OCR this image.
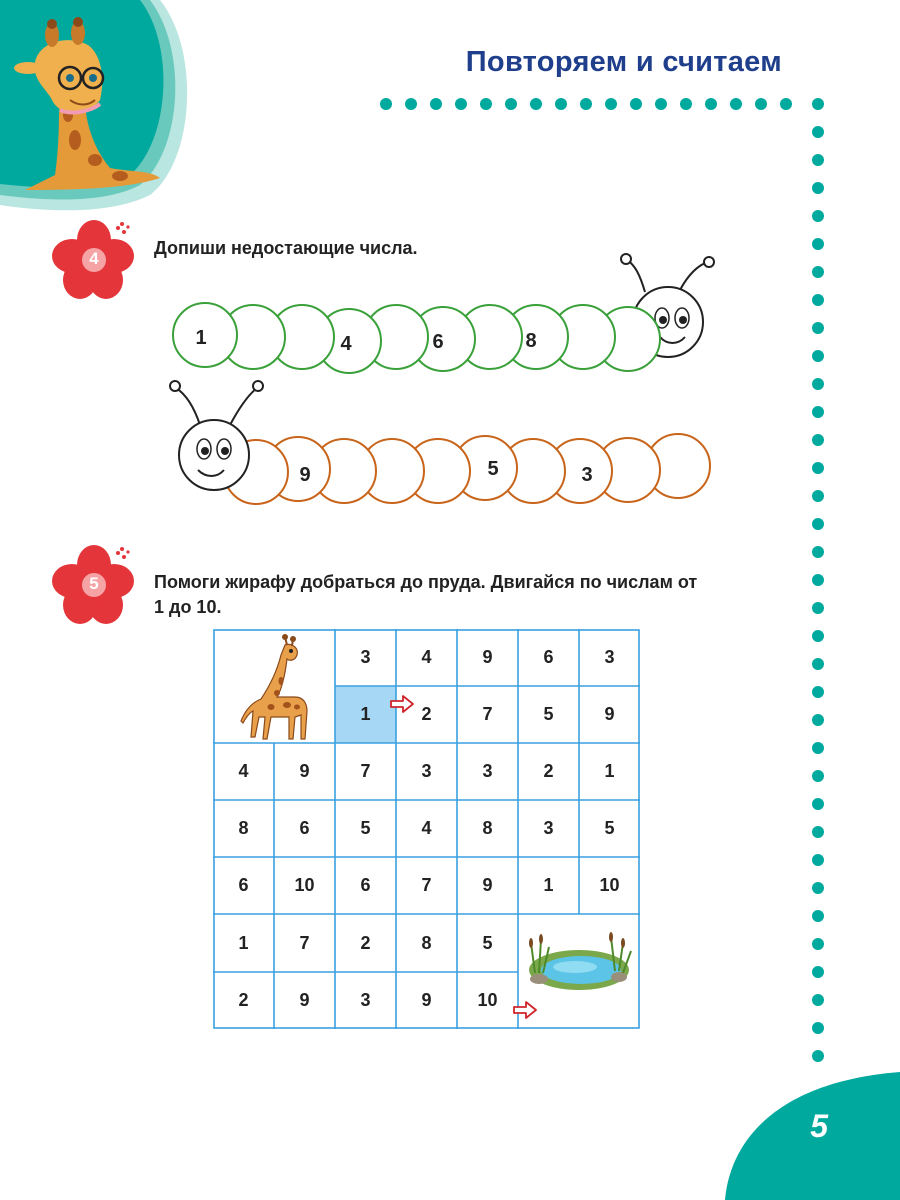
Повторяем и считаем
5
4
Допиши недостающие числа.
1	4	6	8
9	5	3
5	Помоги жирафу добраться до пруда. Двигайся по числам от
1 до 10.
3	4	9	6	3
1	2	7	5	9
4	9	7	3	3	2	1
8	6	5	4	8	3	5
6	10	6	7	9	1	10
1	7	2	8	5
2	9	3	9	10
